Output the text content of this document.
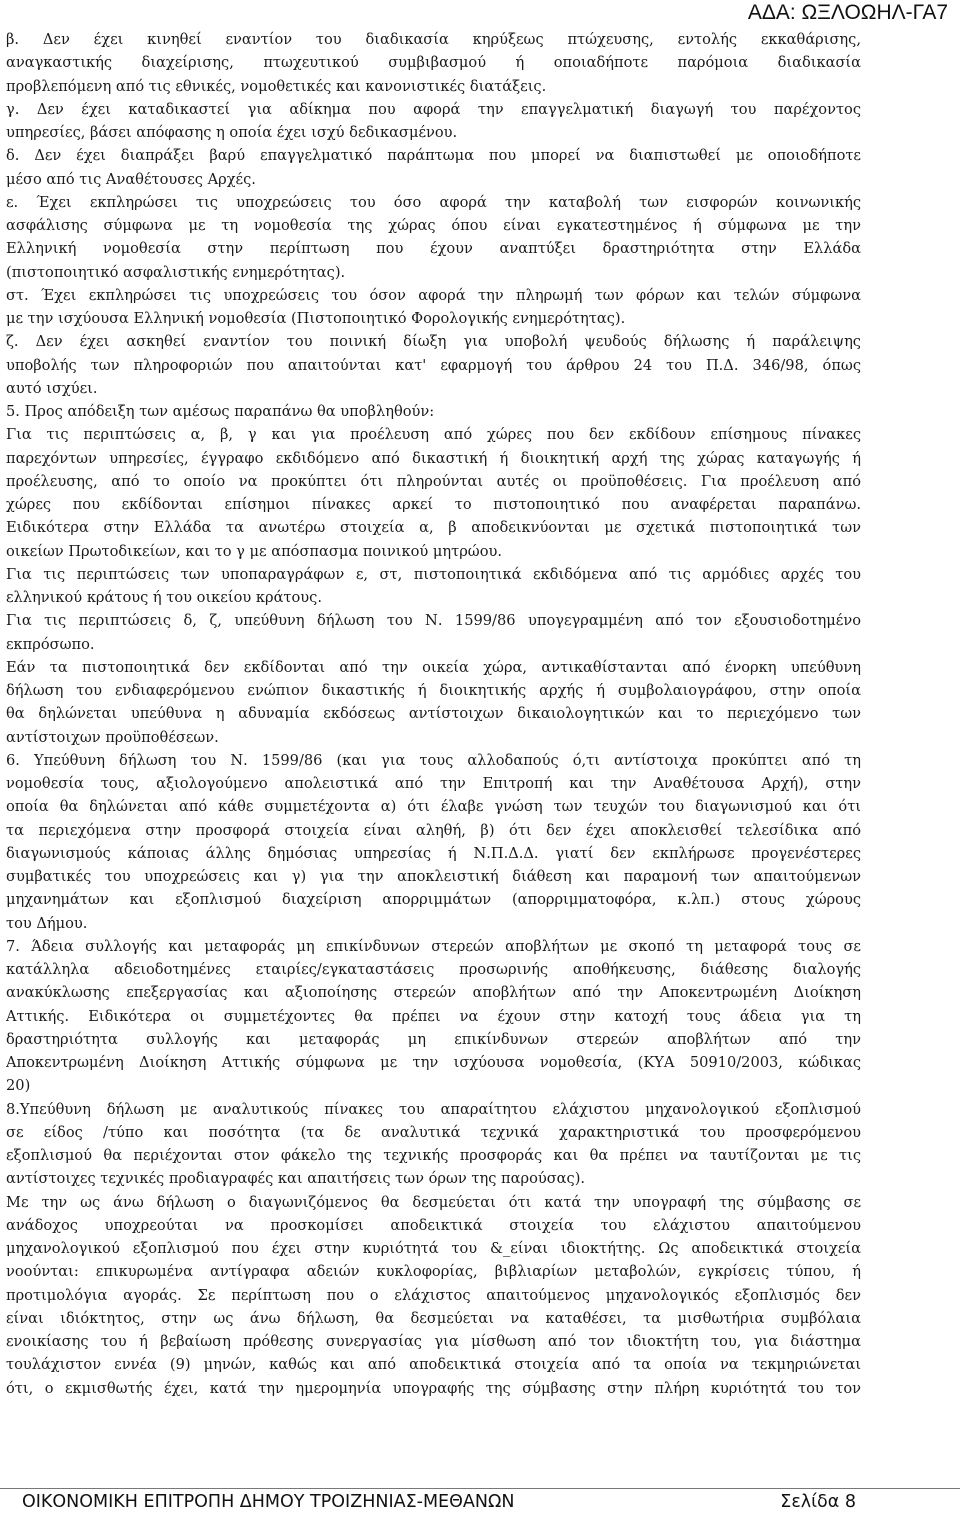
ΑΔΑ: ΩΞΛΟΩΗΛ-ΓΑ7
β. Δεν έχει κινηθεί εναντίον του διαδικασία κηρύξεως πτώχευσης, εντολής εκκαθάρισης,
αναγκαστικής διαχείρισης, πτωχευτικού συμβιβασμού ή οποιαδήποτε παρόμοια διαδικασία
προβλεπόμενη από τις εθνικές, νομοθετικές και κανονιστικές διατάξεις.
γ. Δεν έχει καταδικαστεί για αδίκημα που αφορά την επαγγελματική διαγωγή του παρέχοντος
υπηρεσίες, βάσει απόφασης η οποία έχει ισχύ δεδικασμένου.
δ. Δεν έχει διαπράξει βαρύ επαγγελματικό παράπτωμα που μπορεί να διαπιστωθεί με οποιοδήποτε
μέσο από τις Αναθέτουσες Αρχές.
ε. Έχει εκπληρώσει τις υποχρεώσεις του όσο αφορά την καταβολή των εισφορών κοινωνικής
ασφάλισης σύμφωνα με τη νομοθεσία της χώρας όπου είναι εγκατεστημένος ή σύμφωνα με την
Ελληνική νομοθεσία στην περίπτωση που έχουν αναπτύξει δραστηριότητα στην Ελλάδα
(πιστοποιητικό ασφαλιστικής ενημερότητας).
στ. Έχει εκπληρώσει τις υποχρεώσεις του όσον αφορά την πληρωμή των φόρων και τελών σύμφωνα
με την ισχύουσα Ελληνική νομοθεσία (Πιστοποιητικό Φορολογικής ενημερότητας).
ζ. Δεν έχει ασκηθεί εναντίον του ποινική δίωξη για υποβολή ψευδούς δήλωσης ή παράλειψης
υποβολής των πληροφοριών που απαιτούνται κατ' εφαρμογή του άρθρου 24 του Π.Δ. 346/98, όπως
αυτό ισχύει.
5. Προς απόδειξη των αμέσως παραπάνω θα υποβληθούν:
Για τις περιπτώσεις α, β, γ και για προέλευση από χώρες που δεν εκδίδουν επίσημους πίνακες
παρεχόντων υπηρεσίες, έγγραφο εκδιδόμενο από δικαστική ή διοικητική αρχή της χώρας καταγωγής ή
προέλευσης, από το οποίο να προκύπτει ότι πληρούνται αυτές οι προϋποθέσεις. Για προέλευση από
χώρες που εκδίδονται επίσημοι πίνακες αρκεί το πιστοποιητικό που αναφέρεται παραπάνω.
Ειδικότερα στην Ελλάδα τα ανωτέρω στοιχεία α, β αποδεικνύονται με σχετικά πιστοποιητικά των
οικείων Πρωτοδικείων, και το γ με απόσπασμα ποινικού μητρώου.
Για τις περιπτώσεις των υποπαραγράφων ε, στ, πιστοποιητικά εκδιδόμενα από τις αρμόδιες αρχές του
ελληνικού κράτους ή του οικείου κράτους.
Για τις περιπτώσεις δ, ζ, υπεύθυνη δήλωση του Ν. 1599/86 υπογεγραμμένη από τον εξουσιοδοτημένο
εκπρόσωπο.
Εάν τα πιστοποιητικά δεν εκδίδονται από την οικεία χώρα, αντικαθίστανται από ένορκη υπεύθυνη
δήλωση του ενδιαφερόμενου ενώπιον δικαστικής ή διοικητικής αρχής ή συμβολαιογράφου, στην οποία
θα δηλώνεται υπεύθυνα η αδυναμία εκδόσεως αντίστοιχων δικαιολογητικών και το περιεχόμενο των
αντίστοιχων προϋποθέσεων.
6. Υπεύθυνη δήλωση του Ν. 1599/86 (και για τους αλλοδαπούς ό,τι αντίστοιχα προκύπτει από τη
νομοθεσία τους, αξιολογούμενο απολειστικά από την Επιτροπή και την Αναθέτουσα Αρχή), στην
οποία θα δηλώνεται από κάθε συμμετέχοντα α) ότι έλαβε γνώση των τευχών του διαγωνισμού και ότι
τα περιεχόμενα στην προσφορά στοιχεία είναι αληθή, β) ότι δεν έχει αποκλεισθεί τελεσίδικα από
διαγωνισμούς κάποιας άλλης δημόσιας υπηρεσίας ή Ν.Π.Δ.Δ. γιατί δεν εκπλήρωσε προγενέστερες
συμβατικές του υποχρεώσεις και γ) για την αποκλειστική διάθεση και παραμονή των απαιτούμενων
μηχανημάτων και εξοπλισμού διαχείριση απορριμμάτων (απορριμματοφόρα, κ.λπ.) στους χώρους
του Δήμου.
7. Άδεια συλλογής και μεταφοράς μη επικίνδυνων στερεών αποβλήτων με σκοπό τη μεταφορά τους σε
κατάλληλα αδειοδοτημένες εταιρίες/εγκαταστάσεις προσωρινής αποθήκευσης, διάθεσης διαλογής
ανακύκλωσης επεξεργασίας και αξιοποίησης στερεών αποβλήτων από την Αποκεντρωμένη Διοίκηση
Αττικής. Ειδικότερα οι συμμετέχοντες θα πρέπει να έχουν στην κατοχή τους άδεια για τη
δραστηριότητα συλλογής και μεταφοράς μη επικίνδυνων στερεών αποβλήτων από την
Αποκεντρωμένη Διοίκηση Αττικής σύμφωνα με την ισχύουσα νομοθεσία, (ΚΥΑ 50910/2003, κώδικας
20)
8.Υπεύθυνη δήλωση με αναλυτικούς πίνακες του απαραίτητου ελάχιστου μηχανολογικού εξοπλισμού
σε είδος /τύπο και ποσότητα (τα δε αναλυτικά τεχνικά χαρακτηριστικά του προσφερόμενου
εξοπλισμού θα περιέχονται στον φάκελο της τεχνικής προσφοράς και θα πρέπει να ταυτίζονται με τις
αντίστοιχες τεχνικές προδιαγραφές και απαιτήσεις των όρων της παρούσας).
Με την ως άνω δήλωση ο διαγωνιζόμενος θα δεσμεύεται ότι κατά την υπογραφή της σύμβασης σε
ανάδοχος υποχρεούται να προσκομίσει αποδεικτικά στοιχεία του ελάχιστου απαιτούμενου
μηχανολογικού εξοπλισμού που έχει στην κυριότητά του &_είναι ιδιοκτήτης. Ως αποδεικτικά στοιχεία
νοούνται: επικυρωμένα αντίγραφα αδειών κυκλοφορίας, βιβλιαρίων μεταβολών, εγκρίσεις τύπου, ή
προτιμολόγια αγοράς. Σε περίπτωση που ο ελάχιστος απαιτούμενος μηχανολογικός εξοπλισμός δεν
είναι ιδιόκτητος, στην ως άνω δήλωση, θα δεσμεύεται να καταθέσει, τα μισθωτήρια συμβόλαια
ενοικίασης του ή βεβαίωση πρόθεσης συνεργασίας για μίσθωση από τον ιδιοκτήτη του, για διάστημα
τουλάχιστον εννέα (9) μηνών, καθώς και από αποδεικτικά στοιχεία από τα οποία να τεκμηριώνεται
ότι, ο εκμισθωτής έχει, κατά την ημερομηνία υπογραφής της σύμβασης στην πλήρη κυριότητά του τον
ΟΙΚΟΝΟΜΙΚΗ ΕΠΙΤΡΟΠΗ ΔΗΜΟΥ ΤΡΟΙΖΗΝΙΑΣ-ΜΕΘΑΝΩΝ	Σελίδα 8
